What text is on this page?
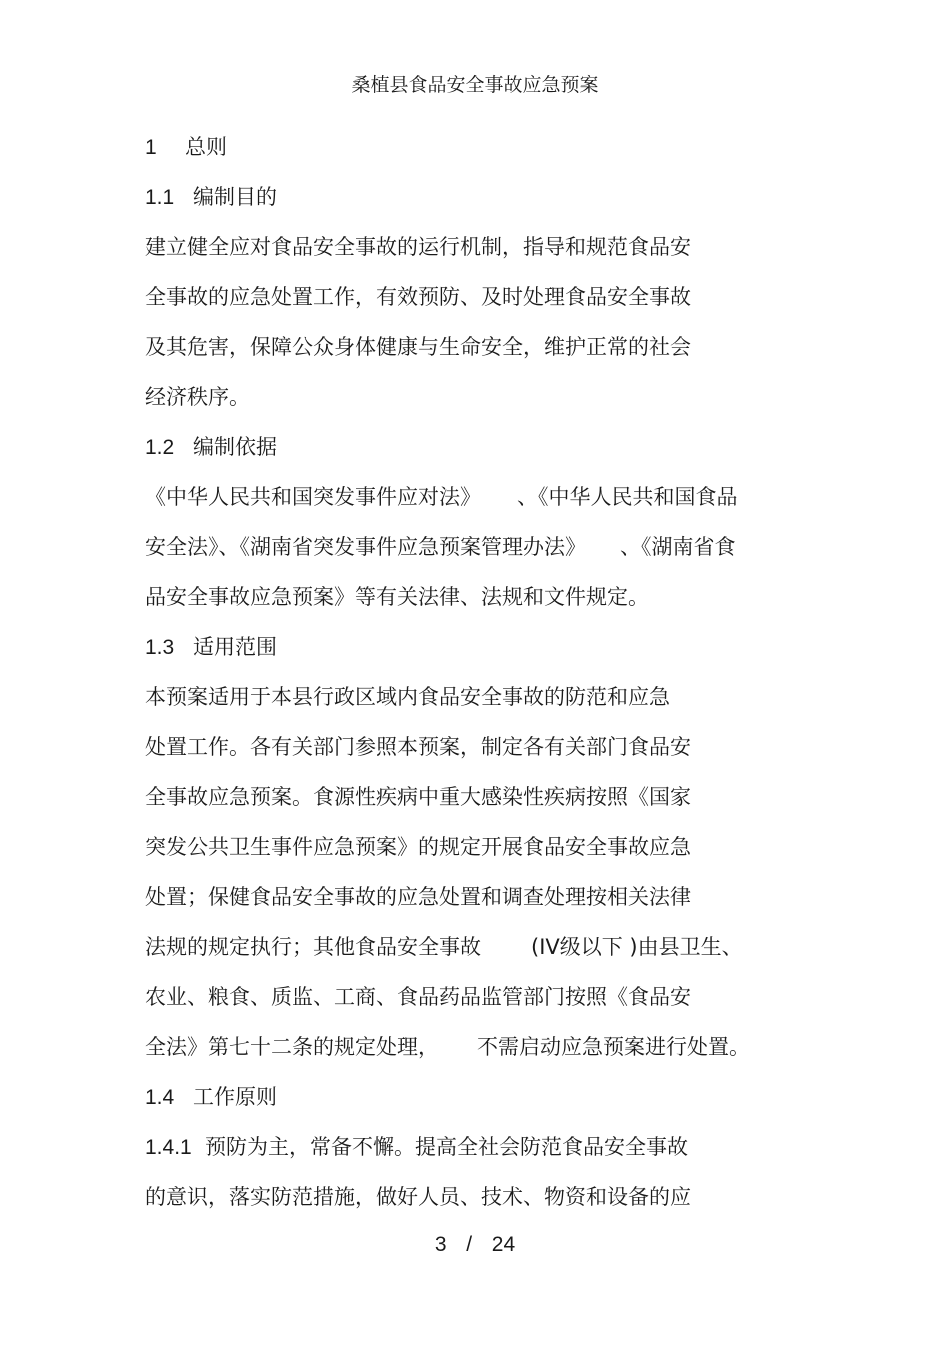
桑植县食品安全事故应急预案
1 总则
1.1 编制目的
建立健全应对食品安全事故的运行机制，指导和规范食品安
全事故的应急处置工作，有效预防、及时处理食品安全事故
及其危害，保障公众身体健康与生命安全，维护正常的社会
经济秩序。
1.2 编制依据
《中华人民共和国突发事件应对法》 、《中华人民共和国食品
安全法》、《湖南省突发事件应急预案管理办法》 、《湖南省食
品安全事故应急预案》等有关法律、法规和文件规定。
1.3 适用范围
本预案适用于本县行政区域内食品安全事故的防范和应急
处置工作。各有关部门参照本预案，制定各有关部门食品安
全事故应急预案。食源性疾病中重大感染性疾病按照《国家
突发公共卫生事件应急预案》的规定开展食品安全事故应急
处置；保健食品安全事故的应急处置和调查处理按相关法律
法规的规定执行；其他食品安全事故 (IV级以下 )由县卫生、
农业、粮食、质监、工商、食品药品监管部门按照《食品安
全法》第七十二条的规定处理， 不需启动应急预案进行处置。
1.4 工作原则
1.4.1 预防为主，常备不懈。提高全社会防范食品安全事故
的意识，落实防范措施，做好人员、技术、物资和设备的应
3 / 24
